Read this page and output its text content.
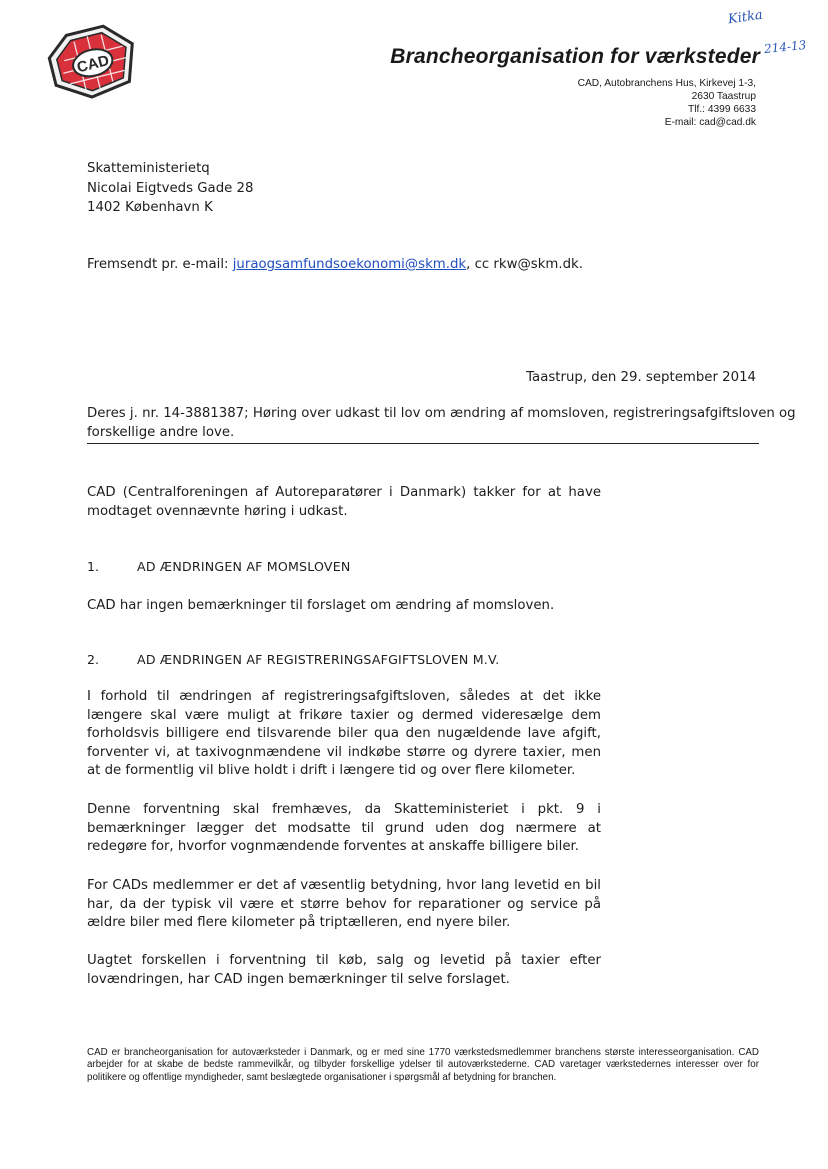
CAD	Brancheorganisation for værksteder
CAD, Autobranchens Hus, Kirkevej 1-3,
2630 Taastrup
Tlf.: 4399 6633
E-mail: cad@cad.dk
Kitka
214-13
Skatteministerietq
Nicolai Eigtveds Gade 28
1402 København K
Fremsendt pr. e-mail: juraogsamfundsoekonomi@skm.dk, cc rkw@skm.dk.
Taastrup, den 29. september 2014
Deres j. nr. 14-3881387; Høring over udkast til lov om ændring af momsloven, registreringsafgiftsloven og
forskellige andre love.
CAD (Centralforeningen af Autoreparatører i Danmark) takker for at have modtaget ovennævnte høring i udkast.
1.	AD ÆNDRINGEN AF MOMSLOVEN
CAD har ingen bemærkninger til forslaget om ændring af momsloven.
2.	AD ÆNDRINGEN AF REGISTRERINGSAFGIFTSLOVEN M.V.
I forhold til ændringen af registreringsafgiftsloven, således at det ikke længere skal være muligt at frikøre taxier og dermed videresælge dem forholdsvis billigere end tilsvarende biler qua den nugældende lave afgift, forventer vi, at taxivognmændene vil indkøbe større og dyrere taxier, men at de formentlig vil blive holdt i drift i længere tid og over flere kilometer.
Denne forventning skal fremhæves, da Skatteministeriet i pkt. 9 i bemærkninger lægger det modsatte til grund uden dog nærmere at redegøre for, hvorfor vognmændende forventes at anskaffe billigere biler.
For CADs medlemmer er det af væsentlig betydning, hvor lang levetid en bil har, da der typisk vil være et større behov for reparationer og service på ældre biler med flere kilometer på triptælleren, end nyere biler.
Uagtet forskellen i forventning til køb, salg og levetid på taxier efter lovændringen, har CAD ingen bemærkninger til selve forslaget.
CAD er brancheorganisation for autoværksteder i Danmark, og er med sine 1770 værkstedsmedlemmer branchens største interesseorganisation. CAD arbejder for at skabe de bedste rammevilkår, og tilbyder forskellige ydelser til autoværkstederne. CAD varetager værkstedernes interesser over for politikere og offentlige myndigheder, samt beslægtede organisationer i spørgsmål af betydning for branchen.
